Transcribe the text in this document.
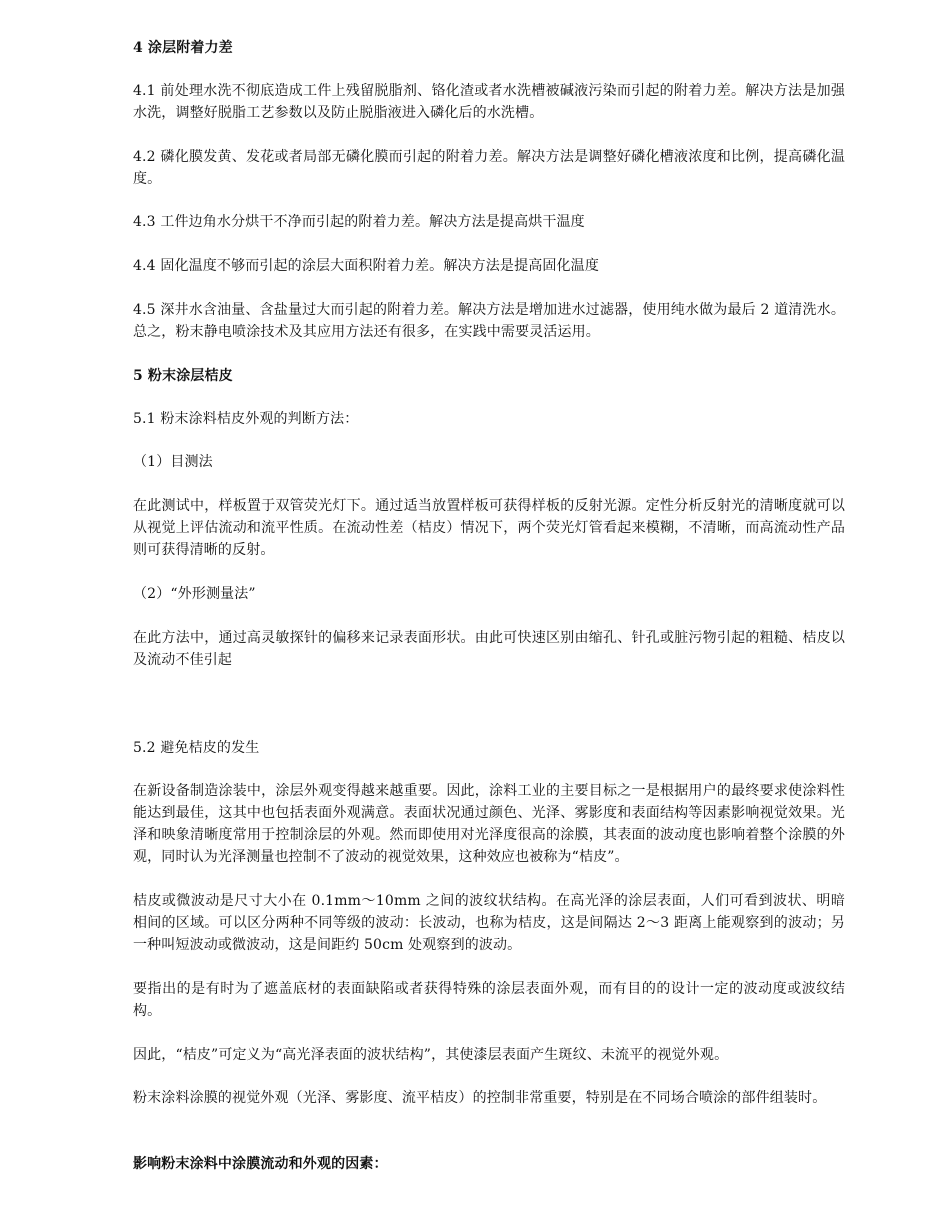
4 涂层附着力差

4.1 前处理水洗不彻底造成工件上残留脱脂剂、铬化渣或者水洗槽被碱液污染而引起的附着力差。解决方法是加强水洗，调整好脱脂工艺参数以及防止脱脂液进入磷化后的水洗槽。

4.2 磷化膜发黄、发花或者局部无磷化膜而引起的附着力差。解决方法是调整好磷化槽液浓度和比例，提高磷化温度。

4.3 工件边角水分烘干不净而引起的附着力差。解决方法是提高烘干温度

4.4 固化温度不够而引起的涂层大面积附着力差。解决方法是提高固化温度

4.5 深井水含油量、含盐量过大而引起的附着力差。解决方法是增加进水过滤器，使用纯水做为最后 2 道清洗水。总之，粉末静电喷涂技术及其应用方法还有很多，在实践中需要灵活运用。

5 粉末涂层桔皮

5.1 粉末涂料桔皮外观的判断方法：

（1）目测法

在此测试中，样板置于双管荧光灯下。通过适当放置样板可获得样板的反射光源。定性分析反射光的清晰度就可以从视觉上评估流动和流平性质。在流动性差（桔皮）情况下，两个荧光灯管看起来模糊，不清晰，而高流动性产品则可获得清晰的反射。

（2）“外形测量法”

在此方法中，通过高灵敏探针的偏移来记录表面形状。由此可快速区别由缩孔、针孔或脏污物引起的粗糙、桔皮以及流动不佳引起

5.2 避免桔皮的发生

在新设备制造涂装中，涂层外观变得越来越重要。因此，涂料工业的主要目标之一是根据用户的最终要求使涂料性能达到最佳，这其中也包括表面外观满意。表面状况通过颜色、光泽、雾影度和表面结构等因素影响视觉效果。光泽和映象清晰度常用于控制涂层的外观。然而即使用对光泽度很高的涂膜，其表面的波动度也影响着整个涂膜的外观，同时认为光泽测量也控制不了波动的视觉效果，这种效应也被称为“桔皮”。

桔皮或微波动是尺寸大小在 0.1mm～10mm 之间的波纹状结构。在高光泽的涂层表面，人们可看到波状、明暗相间的区域。可以区分两种不同等级的波动：长波动，也称为桔皮，这是间隔达 2～3 距离上能观察到的波动；另一种叫短波动或微波动，这是间距约 50cm 处观察到的波动。

要指出的是有时为了遮盖底材的表面缺陷或者获得特殊的涂层表面外观，而有目的的设计一定的波动度或波纹结构。

因此，“桔皮”可定义为“高光泽表面的波状结构”，其使漆层表面产生斑纹、未流平的视觉外观。

粉末涂料涂膜的视觉外观（光泽、雾影度、流平桔皮）的控制非常重要，特别是在不同场合喷涂的部件组装时。

影响粉末涂料中涂膜流动和外观的因素：
